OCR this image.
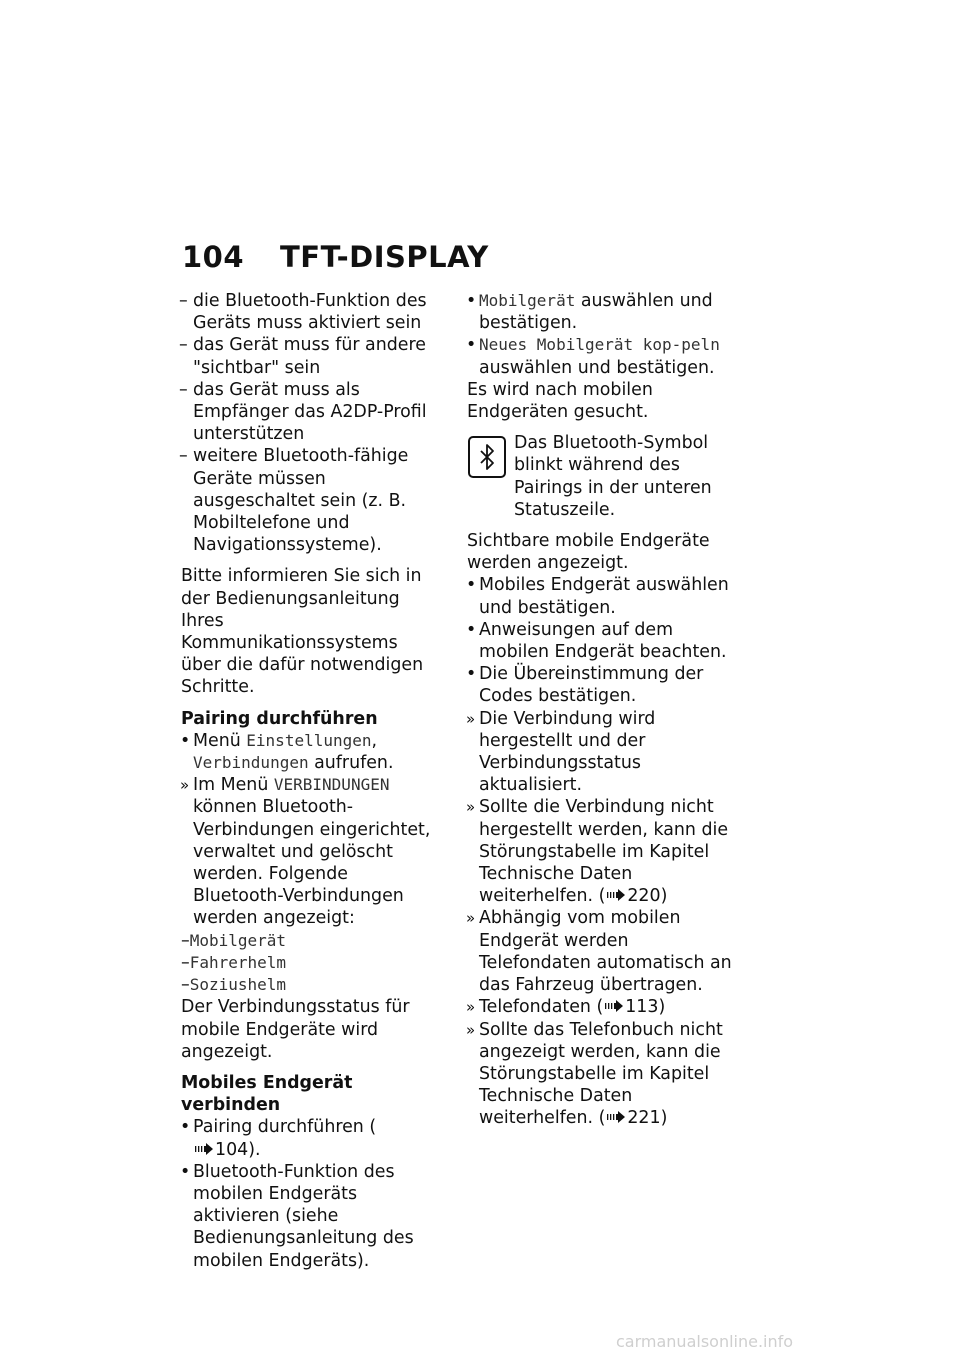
104 TFT-DISPLAY
– die Bluetooth-Funktion des Geräts muss aktiviert sein
– das Gerät muss für andere "sichtbar" sein
– das Gerät muss als Empfänger das A2DP-Profil unterstützen
– weitere Bluetooth-fähige Geräte müssen ausgeschaltet sein (z. B. Mobiltelefone und Navigationssysteme).
Bitte informieren Sie sich in der Bedienungsanleitung Ihres Kommunikationssystems über die dafür notwendigen Schritte.
Pairing durchführen
• Menü Einstellungen, Verbindungen aufrufen.
» Im Menü VERBINDUNGEN können Bluetooth-Verbindungen eingerichtet, verwaltet und gelöscht werden. Folgende Bluetooth-Verbindungen werden angezeigt:
– Mobilgerät
– Fahrerhelm
– Soziushelm
Der Verbindungsstatus für mobile Endgeräte wird angezeigt.
Mobiles Endgerät verbinden
• Pairing durchführen (104).
• Bluetooth-Funktion des mobilen Endgeräts aktivieren (siehe Bedienungsanleitung des mobilen Endgeräts).
• Mobilgerät auswählen und bestätigen.
• Neues Mobilgerät kop-peln auswählen und bestätigen.
Es wird nach mobilen Endgeräten gesucht.
Das Bluetooth-Symbol blinkt während des Pairings in der unteren Statuszeile.
Sichtbare mobile Endgeräte werden angezeigt.
• Mobiles Endgerät auswählen und bestätigen.
• Anweisungen auf dem mobilen Endgerät beachten.
• Die Übereinstimmung der Codes bestätigen.
» Die Verbindung wird hergestellt und der Verbindungsstatus aktualisiert.
» Sollte die Verbindung nicht hergestellt werden, kann die Störungstabelle im Kapitel Technische Daten weiterhelfen. ( 220)
» Abhängig vom mobilen Endgerät werden Telefondaten automatisch an das Fahrzeug übertragen.
» Telefondaten ( 113)
» Sollte das Telefonbuch nicht angezeigt werden, kann die Störungstabelle im Kapitel Technische Daten weiterhelfen. ( 221)
carmanualsonline.info
